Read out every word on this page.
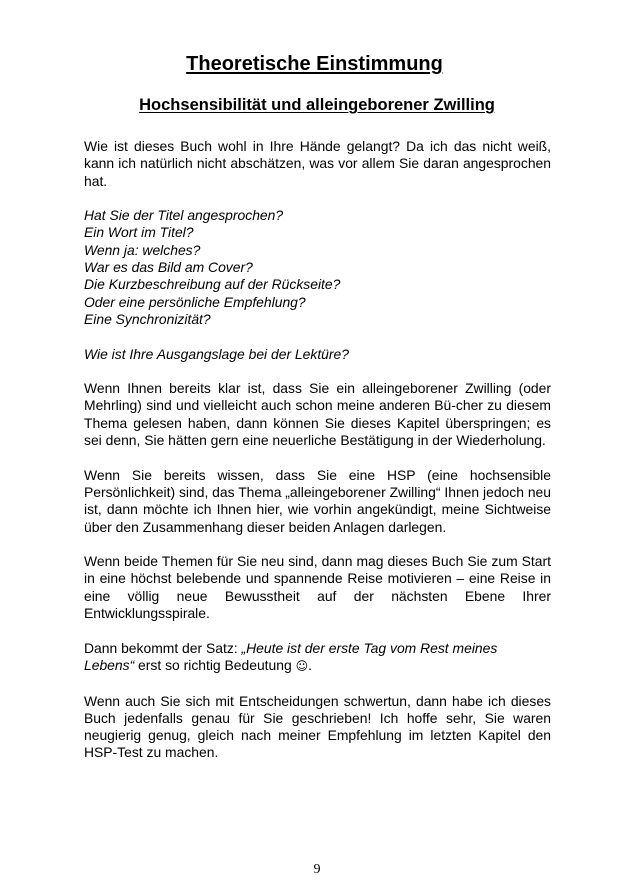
Theoretische Einstimmung
Hochsensibilität und alleingeborener Zwilling

Wie ist dieses Buch wohl in Ihre Hände gelangt? Da ich das nicht weiß, kann ich natürlich nicht abschätzen, was vor allem Sie daran angesprochen hat.

Hat Sie der Titel angesprochen?
Ein Wort im Titel?
Wenn ja: welches?
War es das Bild am Cover?
Die Kurzbeschreibung auf der Rückseite?
Oder eine persönliche Empfehlung?
Eine Synchronizität?

Wie ist Ihre Ausgangslage bei der Lektüre?

Wenn Ihnen bereits klar ist, dass Sie ein alleingeborener Zwilling (oder Mehrling) sind und vielleicht auch schon meine anderen Bü-cher zu diesem Thema gelesen haben, dann können Sie dieses Kapitel überspringen; es sei denn, Sie hätten gern eine neuerliche Bestätigung in der Wiederholung.

Wenn Sie bereits wissen, dass Sie eine HSP (eine hochsensible Persönlichkeit) sind, das Thema „alleingeborener Zwilling“ Ihnen jedoch neu ist, dann möchte ich Ihnen hier, wie vorhin angekündigt, meine Sichtweise über den Zusammenhang dieser beiden Anlagen darlegen.

Wenn beide Themen für Sie neu sind, dann mag dieses Buch Sie zum Start in eine höchst belebende und spannende Reise motivieren – eine Reise in eine völlig neue Bewusstheit auf der nächsten Ebene Ihrer Entwicklungsspirale.

Dann bekommt der Satz: „Heute ist der erste Tag vom Rest meines Lebens“ erst so richtig Bedeutung ☺.

Wenn auch Sie sich mit Entscheidungen schwertun, dann habe ich dieses Buch jedenfalls genau für Sie geschrieben! Ich hoffe sehr, Sie waren neugierig genug, gleich nach meiner Empfehlung im letzten Kapitel den HSP-Test zu machen.

9
